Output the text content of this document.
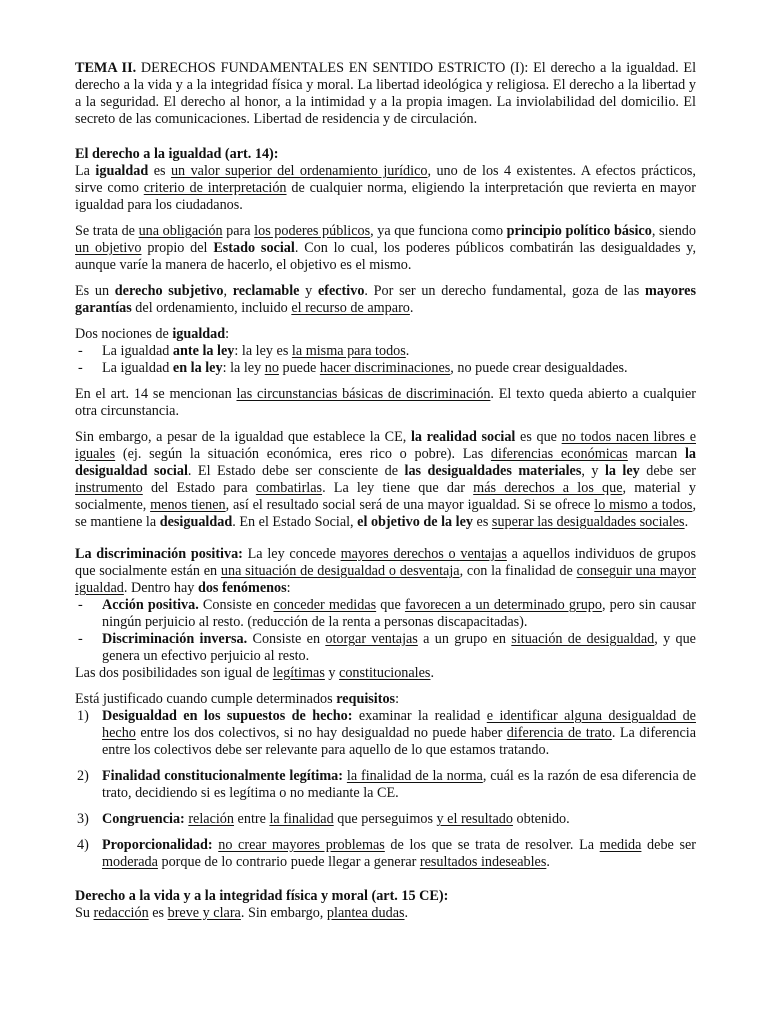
TEMA II. DERECHOS FUNDAMENTALES EN SENTIDO ESTRICTO (I): El derecho a la igualdad. El derecho a la vida y a la integridad física y moral. La libertad ideológica y religiosa. El derecho a la libertad y a la seguridad. El derecho al honor, a la intimidad y a la propia imagen. La inviolabilidad del domicilio. El secreto de las comunicaciones. Libertad de residencia y de circulación.

El derecho a la igualdad (art. 14):

La igualdad es un valor superior del ordenamiento jurídico, uno de los 4 existentes. A efectos prácticos, sirve como criterio de interpretación de cualquier norma, eligiendo la interpretación que revierta en mayor igualdad para los ciudadanos.

Se trata de una obligación para los poderes públicos, ya que funciona como principio político básico, siendo un objetivo propio del Estado social. Con lo cual, los poderes públicos combatirán las desigualdades y, aunque varíe la manera de hacerlo, el objetivo es el mismo.

Es un derecho subjetivo, reclamable y efectivo. Por ser un derecho fundamental, goza de las mayores garantías del ordenamiento, incluido el recurso de amparo.

Dos nociones de igualdad:

- La igualdad ante la ley: la ley es la misma para todos.

- La igualdad en la ley: la ley no puede hacer discriminaciones, no puede crear desigualdades.

En el art. 14 se mencionan las circunstancias básicas de discriminación. El texto queda abierto a cualquier otra circunstancia.

Sin embargo, a pesar de la igualdad que establece la CE, la realidad social es que no todos nacen libres e iguales (ej. según la situación económica, eres rico o pobre). Las diferencias económicas marcan la desigualdad social. El Estado debe ser consciente de las desigualdades materiales, y la ley debe ser instrumento del Estado para combatirlas. La ley tiene que dar más derechos a los que, material y socialmente, menos tienen, así el resultado social será de una mayor igualdad. Si se ofrece lo mismo a todos, se mantiene la desigualdad. En el Estado Social, el objetivo de la ley es superar las desigualdades sociales.

La discriminación positiva: La ley concede mayores derechos o ventajas a aquellos individuos de grupos que socialmente están en una situación de desigualdad o desventaja, con la finalidad de conseguir una mayor igualdad. Dentro hay dos fenómenos:

- Acción positiva. Consiste en conceder medidas que favorecen a un determinado grupo, pero sin causar ningún perjuicio al resto. (reducción de la renta a personas discapacitadas).

- Discriminación inversa. Consiste en otorgar ventajas a un grupo en situación de desigualdad, y que genera un efectivo perjuicio al resto.

Las dos posibilidades son igual de legítimas y constitucionales.

Está justificado cuando cumple determinados requisitos:

1) Desigualdad en los supuestos de hecho: examinar la realidad e identificar alguna desigualdad de hecho entre los dos colectivos, si no hay desigualdad no puede haber diferencia de trato. La diferencia entre los colectivos debe ser relevante para aquello de lo que estamos tratando.

2) Finalidad constitucionalmente legítima: la finalidad de la norma, cuál es la razón de esa diferencia de trato, decidiendo si es legítima o no mediante la CE.

3) Congruencia: relación entre la finalidad que perseguimos y el resultado obtenido.

4) Proporcionalidad: no crear mayores problemas de los que se trata de resolver. La medida debe ser moderada porque de lo contrario puede llegar a generar resultados indeseables.

Derecho a la vida y a la integridad física y moral (art. 15 CE):

Su redacción es breve y clara. Sin embargo, plantea dudas.
